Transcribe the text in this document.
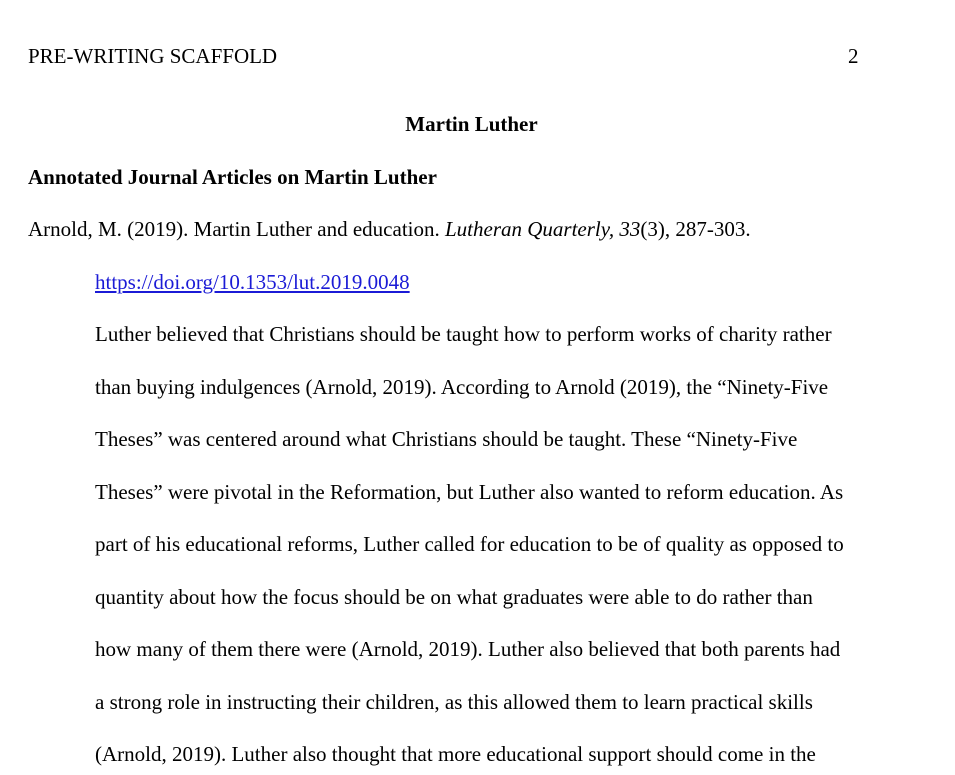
PRE-WRITING SCAFFOLD	2
Martin Luther
Annotated Journal Articles on Martin Luther
Arnold, M. (2019). Martin Luther and education. Lutheran Quarterly, 33(3), 287-303.
https://doi.org/10.1353/lut.2019.0048
Luther believed that Christians should be taught how to perform works of charity rather
than buying indulgences (Arnold, 2019). According to Arnold (2019), the “Ninety-Five
Theses” was centered around what Christians should be taught. These “Ninety-Five
Theses” were pivotal in the Reformation, but Luther also wanted to reform education. As
part of his educational reforms, Luther called for education to be of quality as opposed to
quantity about how the focus should be on what graduates were able to do rather than
how many of them there were (Arnold, 2019). Luther also believed that both parents had
a strong role in instructing their children, as this allowed them to learn practical skills
(Arnold, 2019). Luther also thought that more educational support should come in the
